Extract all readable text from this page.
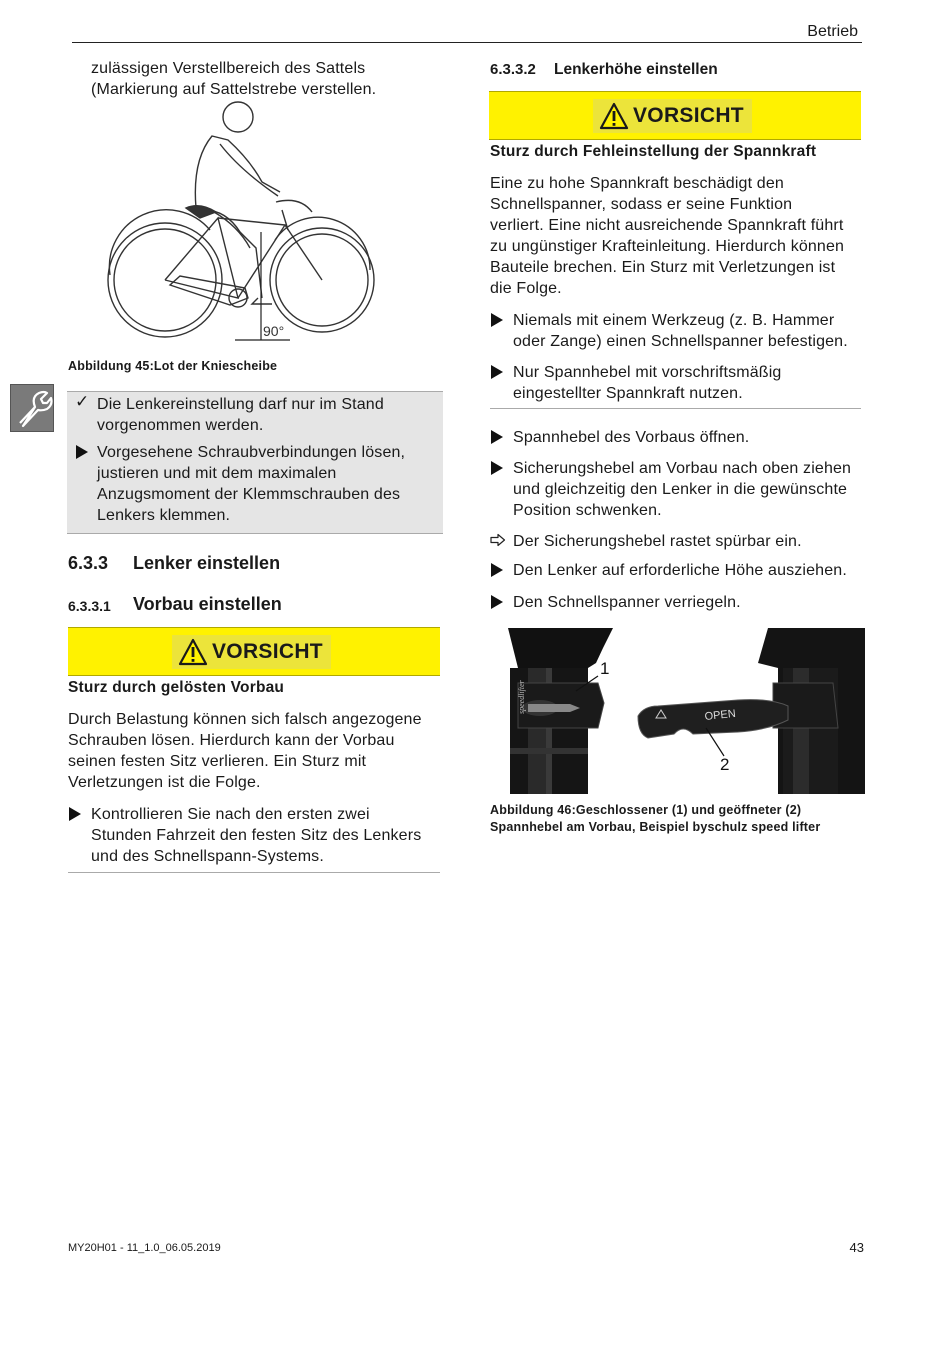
Betrieb
zulässigen Verstellbereich des Sattels
(Markierung auf Sattelstrebe verstellen.
90°
Abbildung 45:Lot der Kniescheibe
✓ Die Lenkereinstellung darf nur im Stand
vorgenommen werden.
Vorgesehene Schraubverbindungen lösen,
justieren und mit dem maximalen
Anzugsmoment der Klemmschrauben des
Lenkers klemmen.
6.3.3 Lenker einstellen
6.3.3.1 Vorbau einstellen
VORSICHT
Sturz durch gelösten Vorbau
Durch Belastung können sich falsch angezogene
Schrauben lösen. Hierdurch kann der Vorbau
seinen festen Sitz verlieren. Ein Sturz mit
Verletzungen ist die Folge.
Kontrollieren Sie nach den ersten zwei
Stunden Fahrzeit den festen Sitz des Lenkers
und des Schnellspann-Systems.
6.3.3.2 Lenkerhöhe einstellen
VORSICHT
Sturz durch Fehleinstellung der Spannkraft
Eine zu hohe Spannkraft beschädigt den
Schnellspanner, sodass er seine Funktion
verliert. Eine nicht ausreichende Spannkraft führt
zu ungünstiger Krafteinleitung. Hierdurch können
Bauteile brechen. Ein Sturz mit Verletzungen ist
die Folge.
Niemals mit einem Werkzeug (z. B. Hammer
oder Zange) einen Schnellspanner befestigen.
Nur Spannhebel mit vorschriftsmäßig
eingestellter Spannkraft nutzen.
Spannhebel des Vorbaus öffnen.
Sicherungshebel am Vorbau nach oben ziehen
und gleichzeitig den Lenker in die gewünschte
Position schwenken.
Der Sicherungshebel rastet spürbar ein.
Den Lenker auf erforderliche Höhe ausziehen.
Den Schnellspanner verriegeln.
speedlifter
1
OPEN
2
Abbildung 46:Geschlossener (1) und geöffneter (2)
Spannhebel am Vorbau, Beispiel byschulz speed lifter
MY20H01 - 11_1.0_06.05.2019	43
